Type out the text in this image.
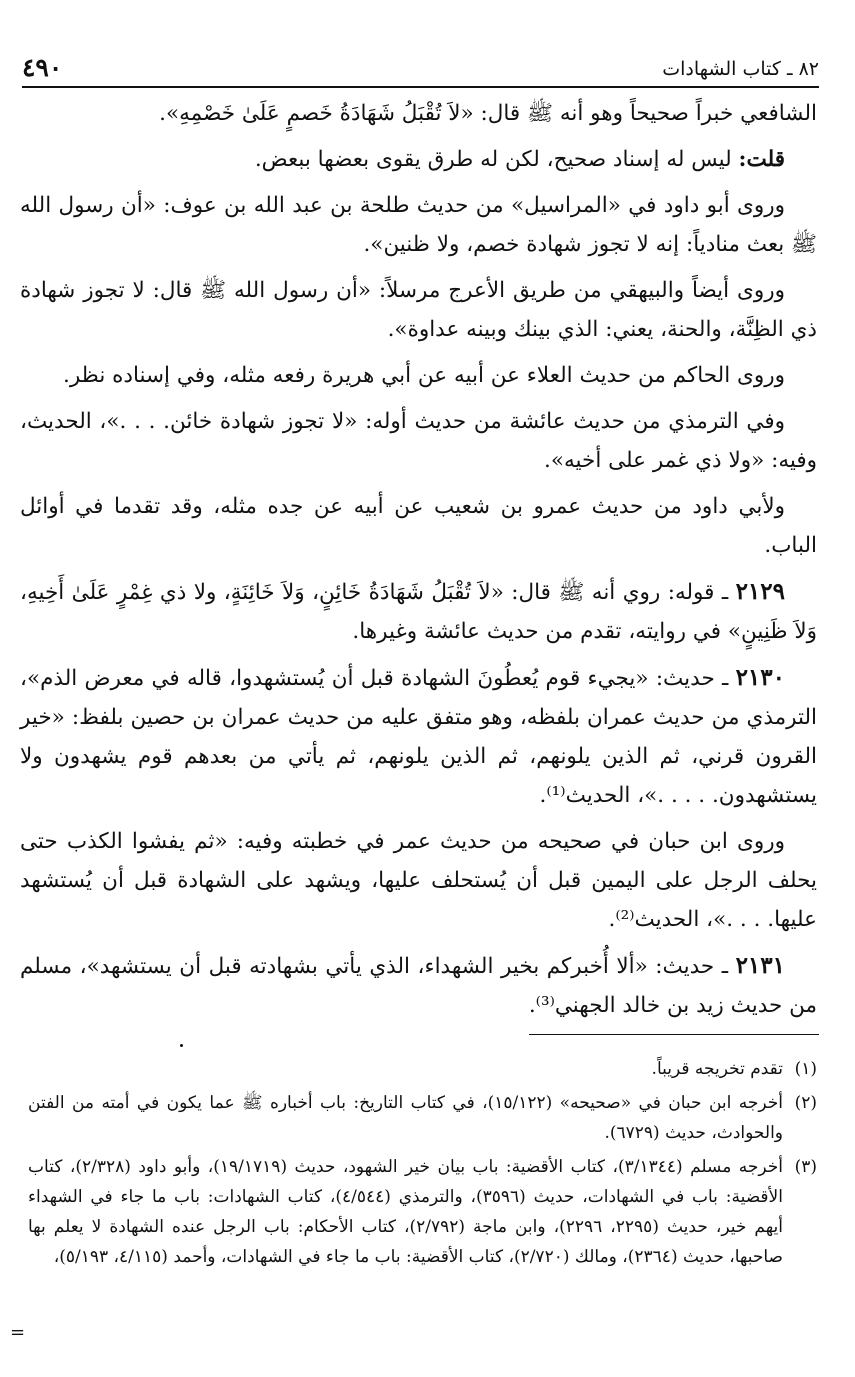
٤٩٠	٨٢ ـ كتاب الشهادات

الشافعي خبراً صحيحاً وهو أنه ﷺ قال: «لاَ تُقْبَلُ شَهَادَةُ خَصمٍ عَلَىٰ خَصْمِهِ».

قلت: ليس له إسناد صحيح، لكن له طرق يقوى بعضها ببعض.

وروى أبو داود في «المراسيل» من حديث طلحة بن عبد الله بن عوف: «أن رسول الله ﷺ بعث منادياً: إنه لا تجوز شهادة خصم، ولا ظنين».

وروى أيضاً والبيهقي من طريق الأعرج مرسلاً: «أن رسول الله ﷺ قال: لا تجوز شهادة ذي الظِنَّة، والحنة، يعني: الذي بينك وبينه عداوة».

وروى الحاكم من حديث العلاء عن أبيه عن أبي هريرة رفعه مثله، وفي إسناده نظر.

وفي الترمذي من حديث عائشة من حديث أوله: «لا تجوز شهادة خائن. . . .»، الحديث، وفيه: «ولا ذي غمر على أخيه».

ولأبي داود من حديث عمرو بن شعيب عن أبيه عن جده مثله، وقد تقدما في أوائل الباب.

٢١٢٩ ـ قوله: روي أنه ﷺ قال: «لاَ تُقْبَلُ شَهَادَةُ خَائِنٍ، وَلاَ خَائِنَةٍ، ولا ذي غِمْرٍ عَلَىٰ أَخِيهِ، وَلاَ ظَنِينٍ» في روايته، تقدم من حديث عائشة وغيرها.

٢١٣٠ ـ حديث: «يجيء قوم يُعطُونَ الشهادة قبل أن يُستشهدوا، قاله في معرض الذم»، الترمذي من حديث عمران بلفظه، وهو متفق عليه من حديث عمران بن حصين بلفظ: «خير القرون قرني، ثم الذين يلونهم، ثم الذين يلونهم، ثم يأتي من بعدهم قوم يشهدون ولا يستشهدون. . . . .»، الحديث⁽¹⁾.

وروى ابن حبان في صحيحه من حديث عمر في خطبته وفيه: «ثم يفشوا الكذب حتى يحلف الرجل على اليمين قبل أن يُستحلف عليها، ويشهد على الشهادة قبل أن يُستشهد عليها. . . .»، الحديث⁽²⁾.

٢١٣١ ـ حديث: «ألا أُخبركم بخير الشهداء، الذي يأتي بشهادته قبل أن يستشهد»، مسلم من حديث زيد بن خالد الجهني⁽³⁾.

(١)
تقدم تخريجه قريباً.
(٢)
أخرجه ابن حبان في «صحيحه» (١٥/١٢٢)، في كتاب التاريخ: باب أخباره ﷺ عما يكون في أمته من الفتن والحوادث، حديث (٦٧٢٩).
(٣)
أخرجه مسلم (٣/١٣٤٤)، كتاب الأقضية: باب بيان خير الشهود، حديث (١٩/١٧١٩)، وأبو داود (٢/٣٢٨)، كتاب الأقضية: باب في الشهادات، حديث (٣٥٩٦)، والترمذي (٤/٥٤٤)، كتاب الشهادات: باب ما جاء في الشهداء أيهم خير، حديث (٢٢٩٥، ٢٢٩٦)، وابن ماجة (٢/٧٩٢)، كتاب الأحكام: باب الرجل عنده الشهادة لا يعلم بها صاحبها، حديث (٢٣٦٤)، ومالك (٢/٧٢٠)، كتاب الأقضية: باب ما جاء في الشهادات، وأحمد (٤/١١٥، ٥/١٩٣)،
=
